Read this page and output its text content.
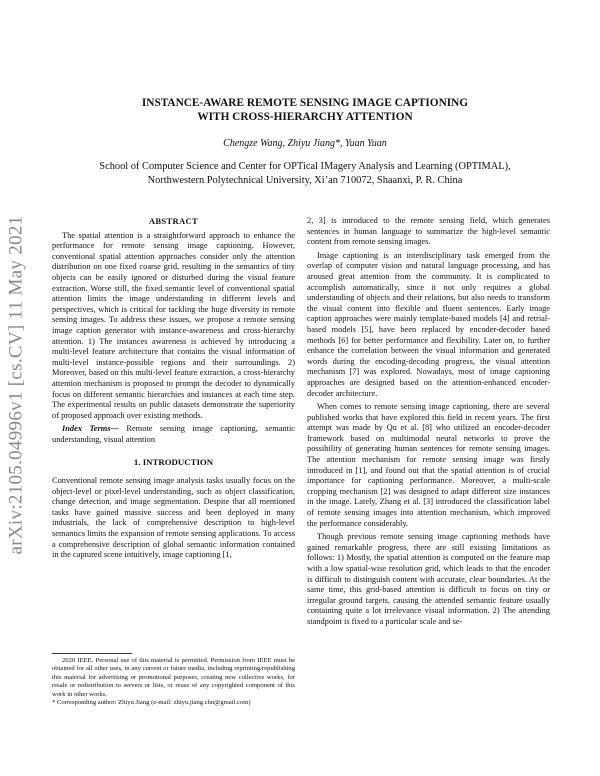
arXiv:2105.04996v1 [cs.CV] 11 May 2021
INSTANCE-AWARE REMOTE SENSING IMAGE CAPTIONING
WITH CROSS-HIERARCHY ATTENTION
Chengze Wang, Zhiyu Jiang*, Yuan Yuan
School of Computer Science and Center for OPTical IMagery Analysis and Learning (OPTIMAL),
Northwestern Polytechnical University, Xi’an 710072, Shaanxi, P. R. China
ABSTRACT

The spatial attention is a straightforward approach to enhance the performance for remote sensing image captioning. However, conventional spatial attention approaches consider only the attention distribution on one fixed coarse grid, resulting in the semantics of tiny objects can be easily ignored or disturbed during the visual feature extraction. Worse still, the fixed semantic level of conventional spatial attention limits the image understanding in different levels and perspectives, which is critical for tackling the huge diversity in remote sensing images. To address these issues, we propose a remote sensing image caption generator with instance-awareness and cross-hierarchy attention. 1) The instances awareness is achieved by introducing a multi-level feature architecture that contains the visual information of multi-level instance-possible regions and their surroundings. 2) Moreover, based on this multi-level feature extraction, a cross-hierarchy attention mechanism is proposed to prompt the decoder to dynamically focus on different semantic hierarchies and instances at each time step. The experimental results on public datasets demonstrate the superiority of proposed approach over existing methods.

Index Terms— Remote sensing image captioning, semantic understanding, visual attention

1. INTRODUCTION

Conventional remote sensing image analysis tasks usually focus on the object-level or pixel-level understanding, such as object classification, change detection, and image segmentation. Despite that all mentioned tasks have gained massive success and been deployed in many industrials, the lack of comprehensive description to high-level semantics limits the expansion of remote sensing applications. To access a comprehensive description of global semantic information contained in the captured scene intuitively, image captioning [1,

2020 IEEE. Personal use of this material is permitted. Permission from IEEE must be obtained for all other uses, in any current or future media, including reprinting/republishing this material for advertising or promotional purposes, creating new collective works, for resale or redistribution to servers or lists, or reuse of any copyrighted component of this work in other works.

* Corresponding author: Zhiyu Jiang (e-mail: zhiyu.jiang.chn@gmail.com)

2, 3] is introduced to the remote sensing field, which generates sentences in human language to summarize the high-level semantic content from remote sensing images.

Image captioning is an interdisciplinary task emerged from the overlap of computer vision and natural language processing, and has aroused great attention from the community. It is complicated to accomplish automatically, since it not only requires a global understanding of objects and their relations, but also needs to transform the visual content into flexible and fluent sentences. Early image caption approaches were mainly template-based models [4] and retrial-based models [5], have been replaced by encoder-decoder based methods [6] for better performance and flexibility. Later on, to further enhance the correlation between the visual information and generated words during the encoding-decoding progress, the visual attention mechanism [7] was explored. Nowadays, most of image captioning approaches are designed based on the attention-enhanced encoder-decoder architecture.

When comes to remote sensing image captioning, there are several published works that have explored this field in recent years. The first attempt was made by Qu et al. [8] who utilized an encoder-decoder framework based on multimodal neural networks to prove the possibility of generating human sentences for remote sensing images. The attention mechanism for remote sensing image was firstly introduced in [1], and found out that the spatial attention is of crucial importance for captioning performance. Moreover, a multi-scale cropping mechanism [2] was designed to adapt different size instances in the image. Lately, Zhang et al. [3] introduced the classification label of remote sensing images into attention mechanism, which improved the performance considerably.

Though previous remote sensing image captioning methods have gained remarkable progress, there are still existing limitations as follows: 1) Mostly, the spatial attention is computed on the feature map with a low spatial-wise resolution grid, which leads to that the encoder is difficult to distinguish content with accurate, clear boundaries. At the same time, this grid-based attention is difficult to focus on tiny or irregular ground targets, causing the attended semantic feature usually containing quite a lot irrelevance visual information. 2) The attending standpoint is fixed to a particular scale and se-
